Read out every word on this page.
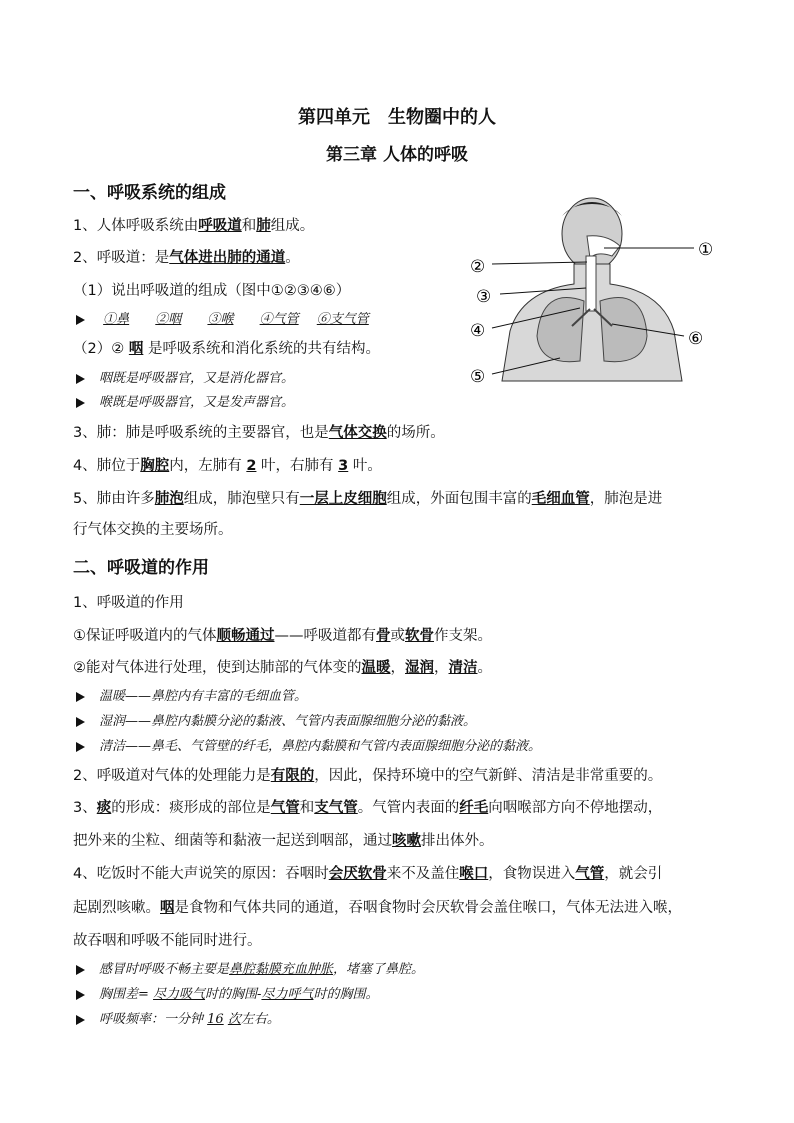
第四单元　生物圈中的人
第三章 人体的呼吸
一、呼吸系统的组成
1、人体呼吸系统由呼吸道和肺组成。
2、呼吸道：是气体进出肺的通道。
（1）说出呼吸道的组成（图中①②③④⑥）
①鼻 ②咽 ③喉 ④气管 ⑥支气管
（2）② 咽 是呼吸系统和消化系统的共有结构。
咽既是呼吸器官，又是消化器官。
喉既是呼吸器官，又是发声器官。
3、肺：肺是呼吸系统的主要器官，也是气体交换的场所。
4、肺位于胸腔内，左肺有 2 叶，右肺有 3 叶。
5、肺由许多肺泡组成，肺泡壁只有一层上皮细胞组成，外面包围丰富的毛细血管，肺泡是进
行气体交换的主要场所。
①
②
③
④
⑤
⑥
二、呼吸道的作用
1、呼吸道的作用
①保证呼吸道内的气体顺畅通过——呼吸道都有骨或软骨作支架。
②能对气体进行处理，使到达肺部的气体变的温暖，湿润，清洁。
温暖——鼻腔内有丰富的毛细血管。
湿润——鼻腔内黏膜分泌的黏液、气管内表面腺细胞分泌的黏液。
清洁——鼻毛、气管壁的纤毛，鼻腔内黏膜和气管内表面腺细胞分泌的黏液。
2、呼吸道对气体的处理能力是有限的，因此，保持环境中的空气新鲜、清洁是非常重要的。
3、痰的形成：痰形成的部位是气管和支气管。气管内表面的纤毛向咽喉部方向不停地摆动，
把外来的尘粒、细菌等和黏液一起送到咽部，通过咳嗽排出体外。
4、吃饭时不能大声说笑的原因：吞咽时会厌软骨来不及盖住喉口，食物误进入气管，就会引
起剧烈咳嗽。咽是食物和气体共同的通道，吞咽食物时会厌软骨会盖住喉口，气体无法进入喉，
故吞咽和呼吸不能同时进行。
感冒时呼吸不畅主要是鼻腔黏膜充血肿胀，堵塞了鼻腔。
胸围差= 尽力吸气时的胸围-尽力呼气时的胸围。
呼吸频率：一分钟 16 次左右。
